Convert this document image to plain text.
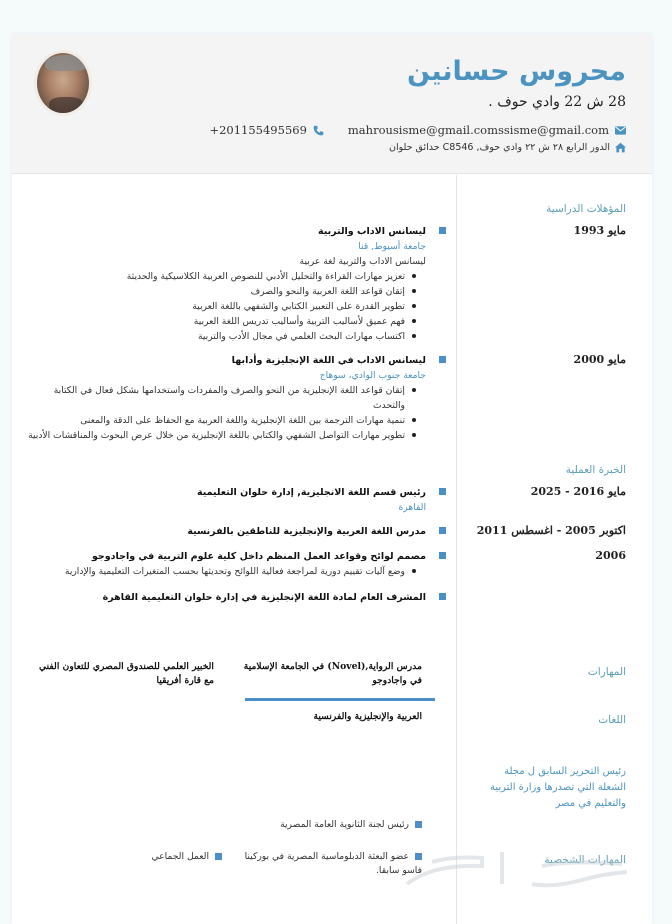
محروس حسانين
28 ش 22 وادي حوف .
mahrousisme@gmail.comssisme@gmail.com
201155495569+
الدور الرابع ٢٨ ش ٢٢ وادي حوف, C8546 حدائق حلوان
المؤهلات الدراسية
مايو 1993
ليسانس الاداب والتربية
جامعة أسيوط, قنا
ليسانس الاداب والتربية لغة عربية
تعزيز مهارات القراءة والتحليل الأدبي للنصوص العربية الكلاسيكية والحديثة
إتقان قواعد اللغة العربية والنحو والصرف
تطوير القدرة على التعبير الكتابي والشفهي باللغة العربية
فهم عميق لأساليب التربية وأساليب تدريس اللغة العربية
اكتساب مهارات البحث العلمي في مجال الأدب والتربية
مايو 2000
ليسانس الاداب في اللغة الإنجليزية وأدابها
جامعة جنوب الوادي، سوهاج
إتقان قواعد اللغة الإنجليزية من النحو والصرف والمفردات واستخدامها بشكل فعال في الكتابة والتحدث
تنمية مهارات الترجمة بين اللغة الإنجليزية واللغة العربية مع الحفاظ على الدقة والمعنى
تطوير مهارات التواصل الشفهي والكتابي باللغة الإنجليزية من خلال عرض البحوث والمناقشات الأدبية
الخبرة العملية
مايو 2016 - 2025
رئيس قسم اللغة الانجليزية, إدارة حلوان التعليمية
القاهرة
اكتوبر 2005 - اغسطس 2011
مدرس اللغة العربية والإنجليزية للناطقين بالفرنسية
2006
مصمم لوائح وقواعد العمل المنظم داخل كلية علوم التربية في واجادوجو
وضع آليات تقييم دورية لمراجعة فعالية اللوائح وتحديثها بحسب المتغيرات التعليمية والإدارية
المشرف العام لمادة اللغة الإنجليزية في إدارة حلوان التعليمية القاهرة
المهارات
مدرس الرواية,(Novel) في الجامعة الإسلامية في واجادوجو
الخبير العلمي للصندوق المصري للتعاون الفني مع قارة أفريقيا
اللغات
العربية والإنجليزية والفرنسية
رئيس التحرير السابق ل مجلة الشعلة التي تصدرها وزارة التربية والتعليم في مصر
رئيس لجنة الثانوية العامة المصرية
المهارات الشخصية
عضو البعثة الدبلوماسية المصرية في بوركينا فاسو سابقا.
العمل الجماعي
